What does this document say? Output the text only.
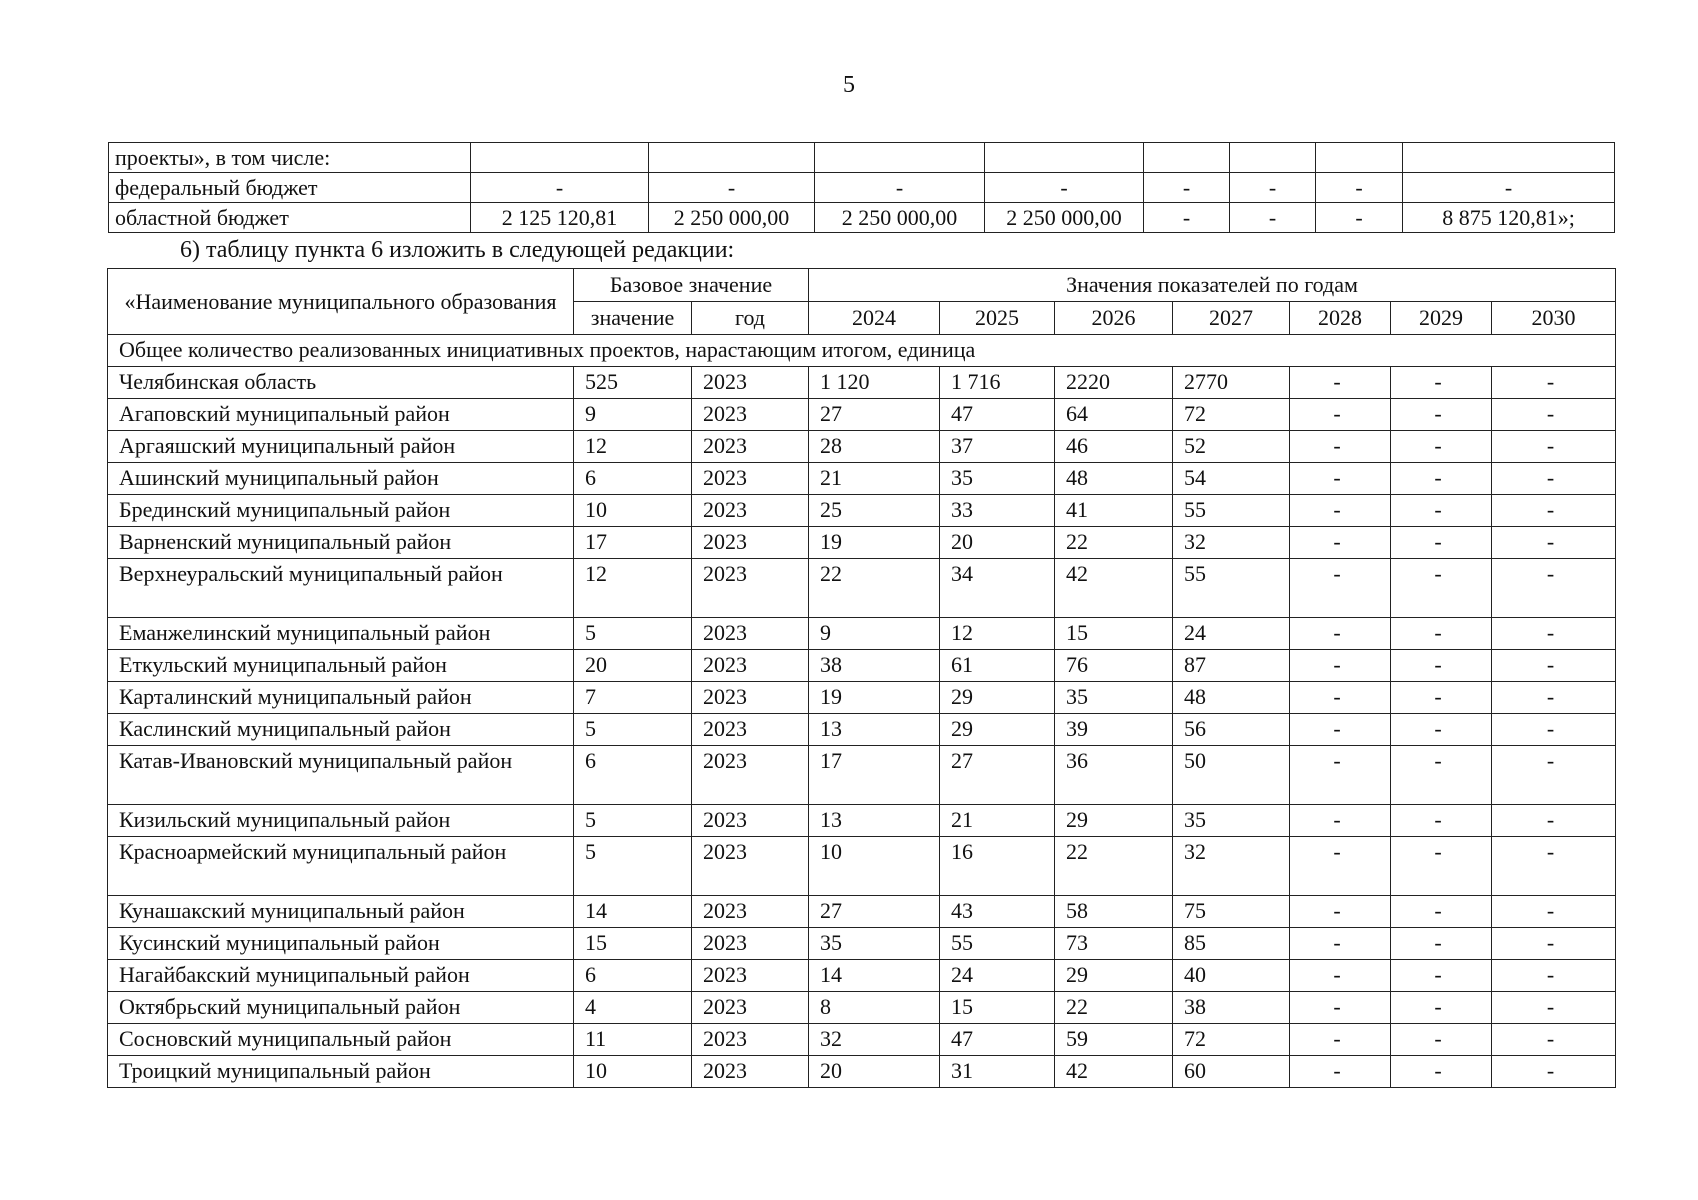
5
проекты», в том числе:								
федеральный бюджет	-	-	-	-	-	-	-	-
областной бюджет	2 125 120,81	2 250 000,00	2 250 000,00	2 250 000,00	-	-	-	8 875 120,81»;
6) таблицу пункта 6 изложить в следующей редакции:
«Наименование муниципального образования	Базовое значение		Значения показателей по годам						
	значение	год	2024	2025	2026	2027	2028	2029	2030
Общее количество реализованных инициативных проектов, нарастающим итогом, единица									
Челябинская область	525	2023	1 120	1 716	2220	2770	-	-	-
Агаповский муниципальный район	9	2023	27	47	64	72	-	-	-
Аргаяшский муниципальный район	12	2023	28	37	46	52	-	-	-
Ашинский муниципальный район	6	2023	21	35	48	54	-	-	-
Брединский муниципальный район	10	2023	25	33	41	55	-	-	-
Варненский муниципальный район	17	2023	19	20	22	32	-	-	-
Верхнеуральский муниципальный район	12	2023	22	34	42	55	-	-	-
Еманжелинский муниципальный район	5	2023	9	12	15	24	-	-	-
Еткульский муниципальный район	20	2023	38	61	76	87	-	-	-
Карталинский муниципальный район	7	2023	19	29	35	48	-	-	-
Каслинский муниципальный район	5	2023	13	29	39	56	-	-	-
Катав-Ивановский муниципальный район	6	2023	17	27	36	50	-	-	-
Кизильский муниципальный район	5	2023	13	21	29	35	-	-	-
Красноармейский муниципальный район	5	2023	10	16	22	32	-	-	-
Кунашакский муниципальный район	14	2023	27	43	58	75	-	-	-
Кусинский муниципальный район	15	2023	35	55	73	85	-	-	-
Нагайбакский муниципальный район	6	2023	14	24	29	40	-	-	-
Октябрьский муниципальный район	4	2023	8	15	22	38	-	-	-
Сосновский муниципальный район	11	2023	32	47	59	72	-	-	-
Троицкий муниципальный район	10	2023	20	31	42	60	-	-	-
